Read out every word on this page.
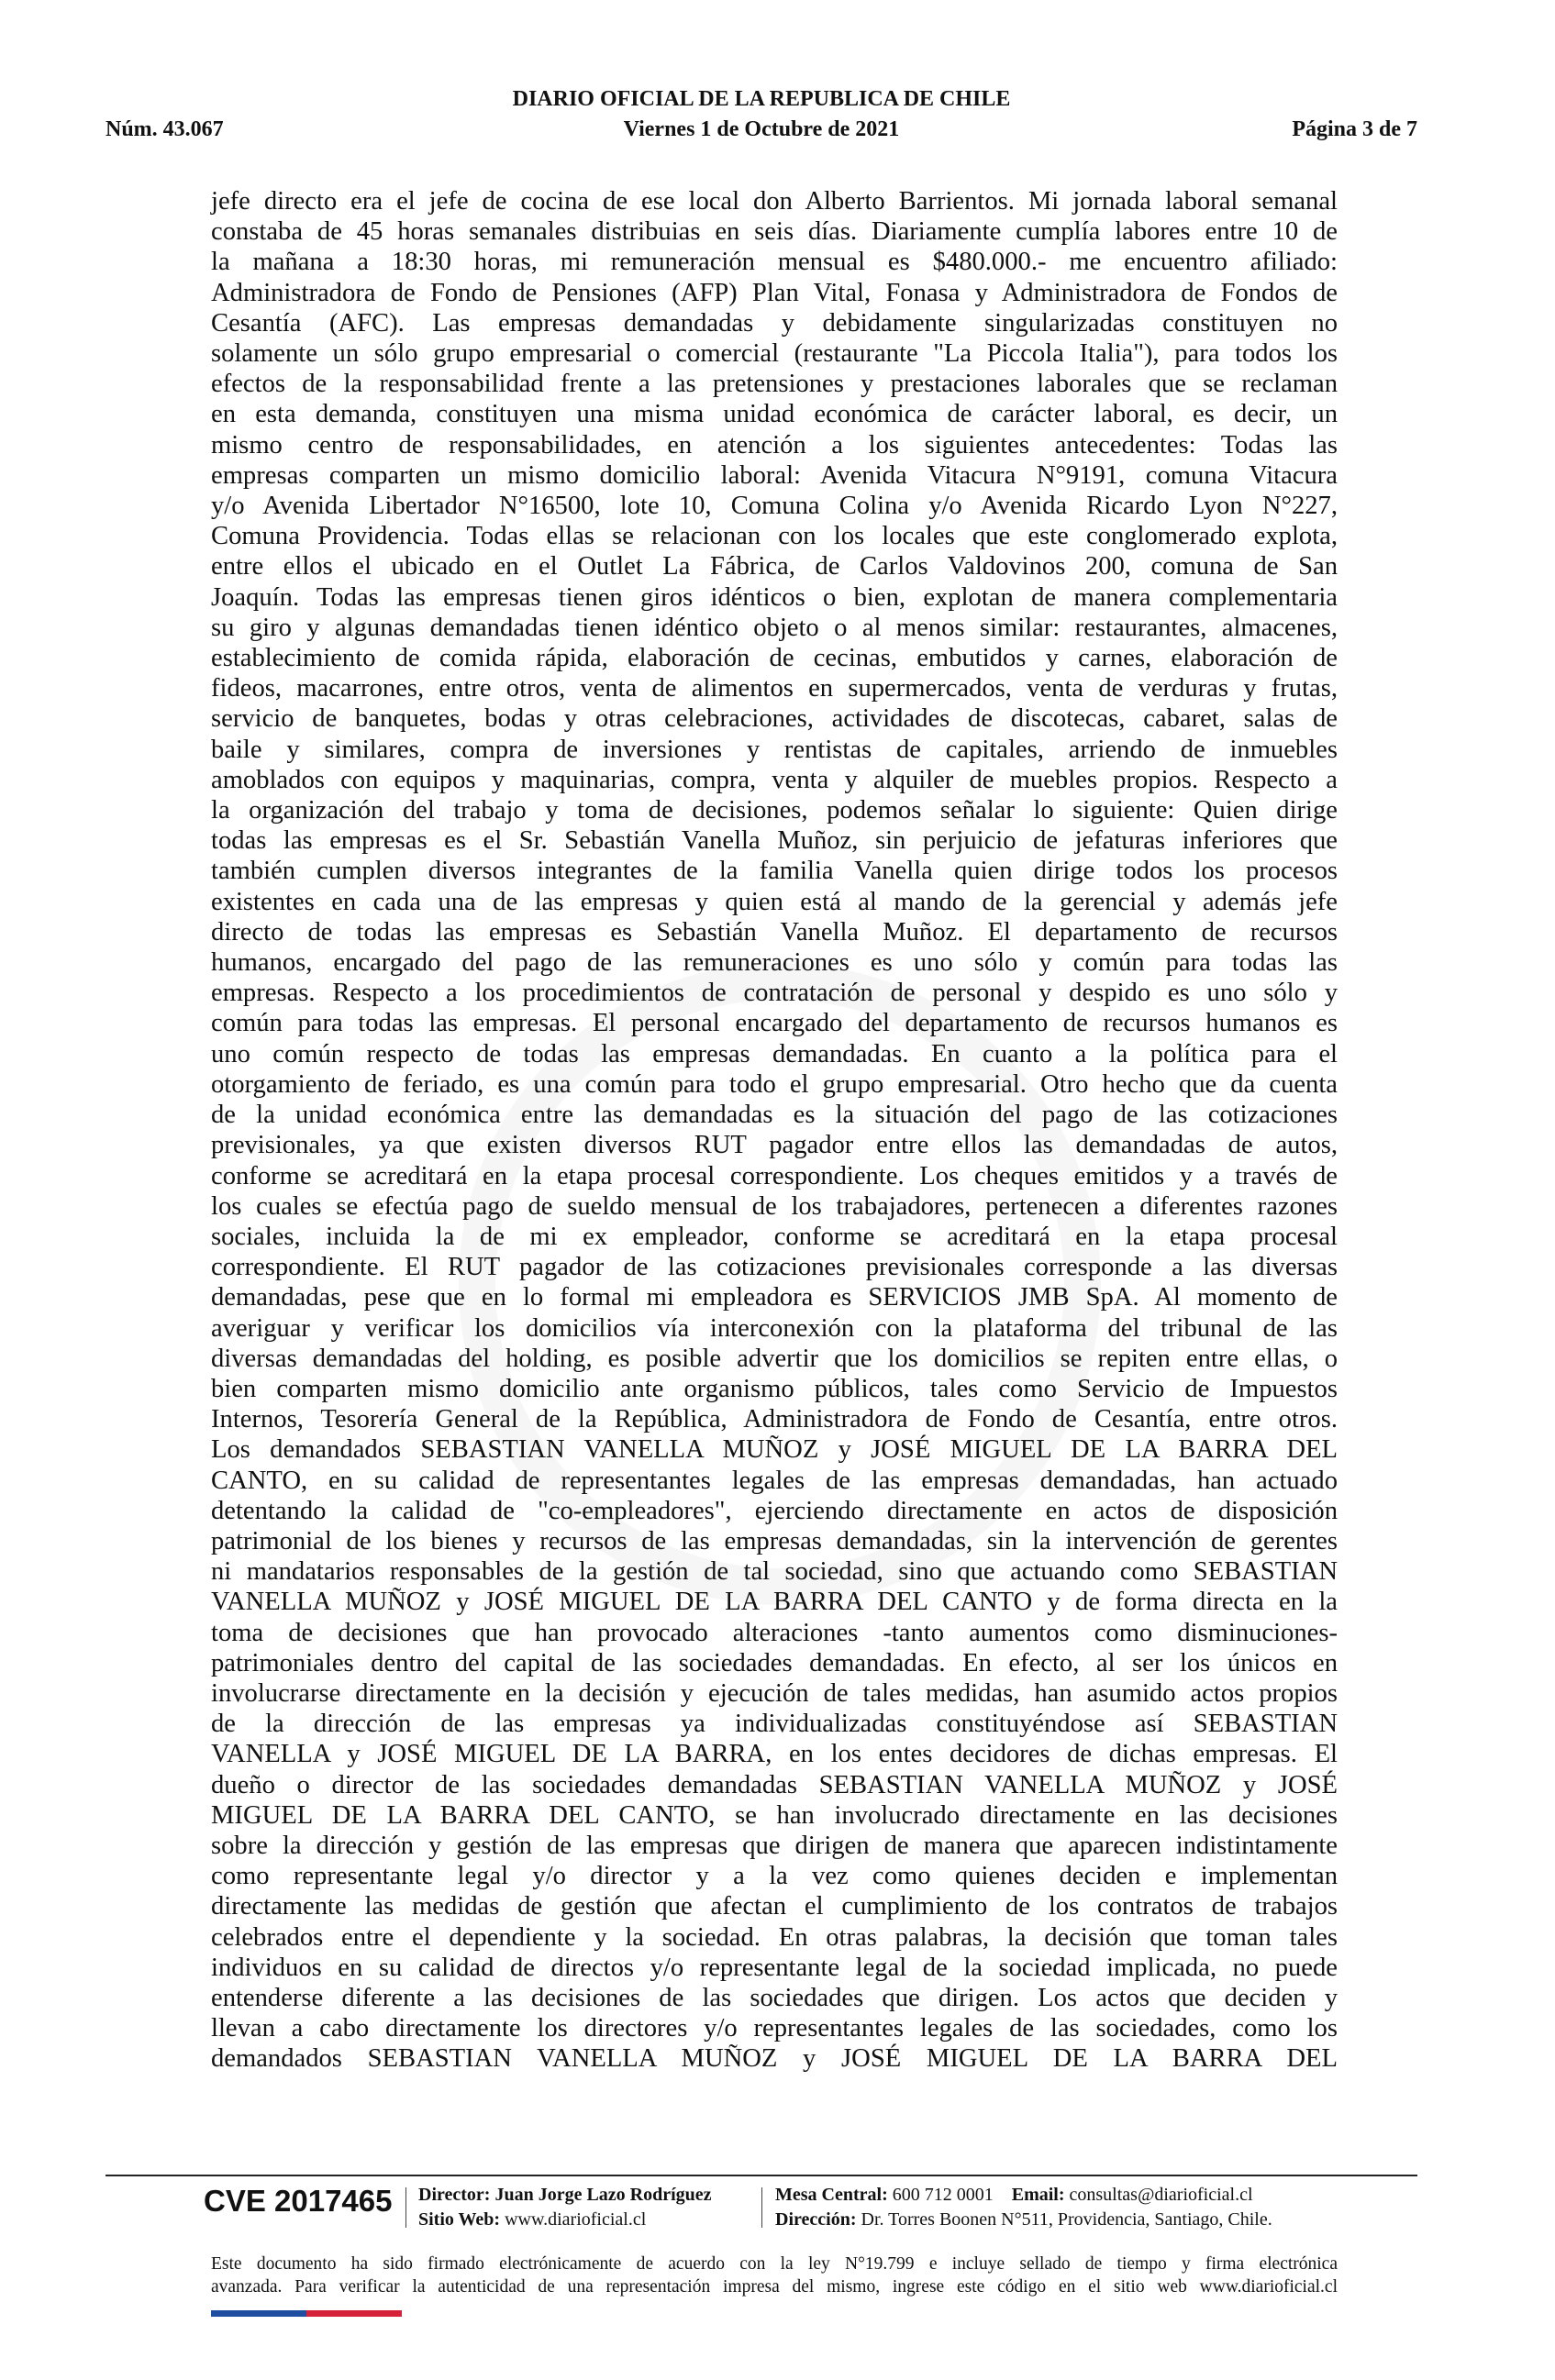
DIARIO OFICIAL DE LA REPUBLICA DE CHILE
Núm. 43.067	Viernes 1 de Octubre de 2021	Página 3 de 7
jefe directo era el jefe de cocina de ese local don Alberto Barrientos. Mi jornada laboral semanal
constaba de 45 horas semanales distribuias en seis días. Diariamente cumplía labores entre 10 de
la mañana a 18:30 horas, mi remuneración mensual es $480.000.- me encuentro afiliado:
Administradora de Fondo de Pensiones (AFP) Plan Vital, Fonasa y Administradora de Fondos de
Cesantía (AFC). Las empresas demandadas y debidamente singularizadas constituyen no
solamente un sólo grupo empresarial o comercial (restaurante "La Piccola Italia"), para todos los
efectos de la responsabilidad frente a las pretensiones y prestaciones laborales que se reclaman
en esta demanda, constituyen una misma unidad económica de carácter laboral, es decir, un
mismo centro de responsabilidades, en atención a los siguientes antecedentes: Todas las
empresas comparten un mismo domicilio laboral: Avenida Vitacura N°9191, comuna Vitacura
y/o Avenida Libertador N°16500, lote 10, Comuna Colina y/o Avenida Ricardo Lyon N°227,
Comuna Providencia. Todas ellas se relacionan con los locales que este conglomerado explota,
entre ellos el ubicado en el Outlet La Fábrica, de Carlos Valdovinos 200, comuna de San
Joaquín. Todas las empresas tienen giros idénticos o bien, explotan de manera complementaria
su giro y algunas demandadas tienen idéntico objeto o al menos similar: restaurantes, almacenes,
establecimiento de comida rápida, elaboración de cecinas, embutidos y carnes, elaboración de
fideos, macarrones, entre otros, venta de alimentos en supermercados, venta de verduras y frutas,
servicio de banquetes, bodas y otras celebraciones, actividades de discotecas, cabaret, salas de
baile y similares, compra de inversiones y rentistas de capitales, arriendo de inmuebles
amoblados con equipos y maquinarias, compra, venta y alquiler de muebles propios. Respecto a
la organización del trabajo y toma de decisiones, podemos señalar lo siguiente: Quien dirige
todas las empresas es el Sr. Sebastián Vanella Muñoz, sin perjuicio de jefaturas inferiores que
también cumplen diversos integrantes de la familia Vanella quien dirige todos los procesos
existentes en cada una de las empresas y quien está al mando de la gerencial y además jefe
directo de todas las empresas es Sebastián Vanella Muñoz. El departamento de recursos
humanos, encargado del pago de las remuneraciones es uno sólo y común para todas las
empresas. Respecto a los procedimientos de contratación de personal y despido es uno sólo y
común para todas las empresas. El personal encargado del departamento de recursos humanos es
uno común respecto de todas las empresas demandadas. En cuanto a la política para el
otorgamiento de feriado, es una común para todo el grupo empresarial. Otro hecho que da cuenta
de la unidad económica entre las demandadas es la situación del pago de las cotizaciones
previsionales, ya que existen diversos RUT pagador entre ellos las demandadas de autos,
conforme se acreditará en la etapa procesal correspondiente. Los cheques emitidos y a través de
los cuales se efectúa pago de sueldo mensual de los trabajadores, pertenecen a diferentes razones
sociales, incluida la de mi ex empleador, conforme se acreditará en la etapa procesal
correspondiente. El RUT pagador de las cotizaciones previsionales corresponde a las diversas
demandadas, pese que en lo formal mi empleadora es SERVICIOS JMB SpA. Al momento de
averiguar y verificar los domicilios vía interconexión con la plataforma del tribunal de las
diversas demandadas del holding, es posible advertir que los domicilios se repiten entre ellas, o
bien comparten mismo domicilio ante organismo públicos, tales como Servicio de Impuestos
Internos, Tesorería General de la República, Administradora de Fondo de Cesantía, entre otros.
Los demandados SEBASTIAN VANELLA MUÑOZ y JOSÉ MIGUEL DE LA BARRA DEL
CANTO, en su calidad de representantes legales de las empresas demandadas, han actuado
detentando la calidad de "co-empleadores", ejerciendo directamente en actos de disposición
patrimonial de los bienes y recursos de las empresas demandadas, sin la intervención de gerentes
ni mandatarios responsables de la gestión de tal sociedad, sino que actuando como SEBASTIAN
VANELLA MUÑOZ y JOSÉ MIGUEL DE LA BARRA DEL CANTO y de forma directa en la
toma de decisiones que han provocado alteraciones -tanto aumentos como disminuciones-
patrimoniales dentro del capital de las sociedades demandadas. En efecto, al ser los únicos en
involucrarse directamente en la decisión y ejecución de tales medidas, han asumido actos propios
de la dirección de las empresas ya individualizadas constituyéndose así SEBASTIAN
VANELLA y JOSÉ MIGUEL DE LA BARRA, en los entes decidores de dichas empresas. El
dueño o director de las sociedades demandadas SEBASTIAN VANELLA MUÑOZ y JOSÉ
MIGUEL DE LA BARRA DEL CANTO, se han involucrado directamente en las decisiones
sobre la dirección y gestión de las empresas que dirigen de manera que aparecen indistintamente
como representante legal y/o director y a la vez como quienes deciden e implementan
directamente las medidas de gestión que afectan el cumplimiento de los contratos de trabajos
celebrados entre el dependiente y la sociedad. En otras palabras, la decisión que toman tales
individuos en su calidad de directos y/o representante legal de la sociedad implicada, no puede
entenderse diferente a las decisiones de las sociedades que dirigen. Los actos que deciden y
llevan a cabo directamente los directores y/o representantes legales de las sociedades, como los
demandados SEBASTIAN VANELLA MUÑOZ y JOSÉ MIGUEL DE LA BARRA DEL
CVE 2017465 Director: Juan Jorge Lazo Rodríguez
Sitio Web: www.diarioficial.cl
Mesa Central: 600 712 0001 Email: consultas@diarioficial.cl
Dirección: Dr. Torres Boonen N°511, Providencia, Santiago, Chile.
Este documento ha sido firmado electrónicamente de acuerdo con la ley N°19.799 e incluye sellado de tiempo y firma electrónica
avanzada. Para verificar la autenticidad de una representación impresa del mismo, ingrese este código en el sitio web www.diarioficial.cl
